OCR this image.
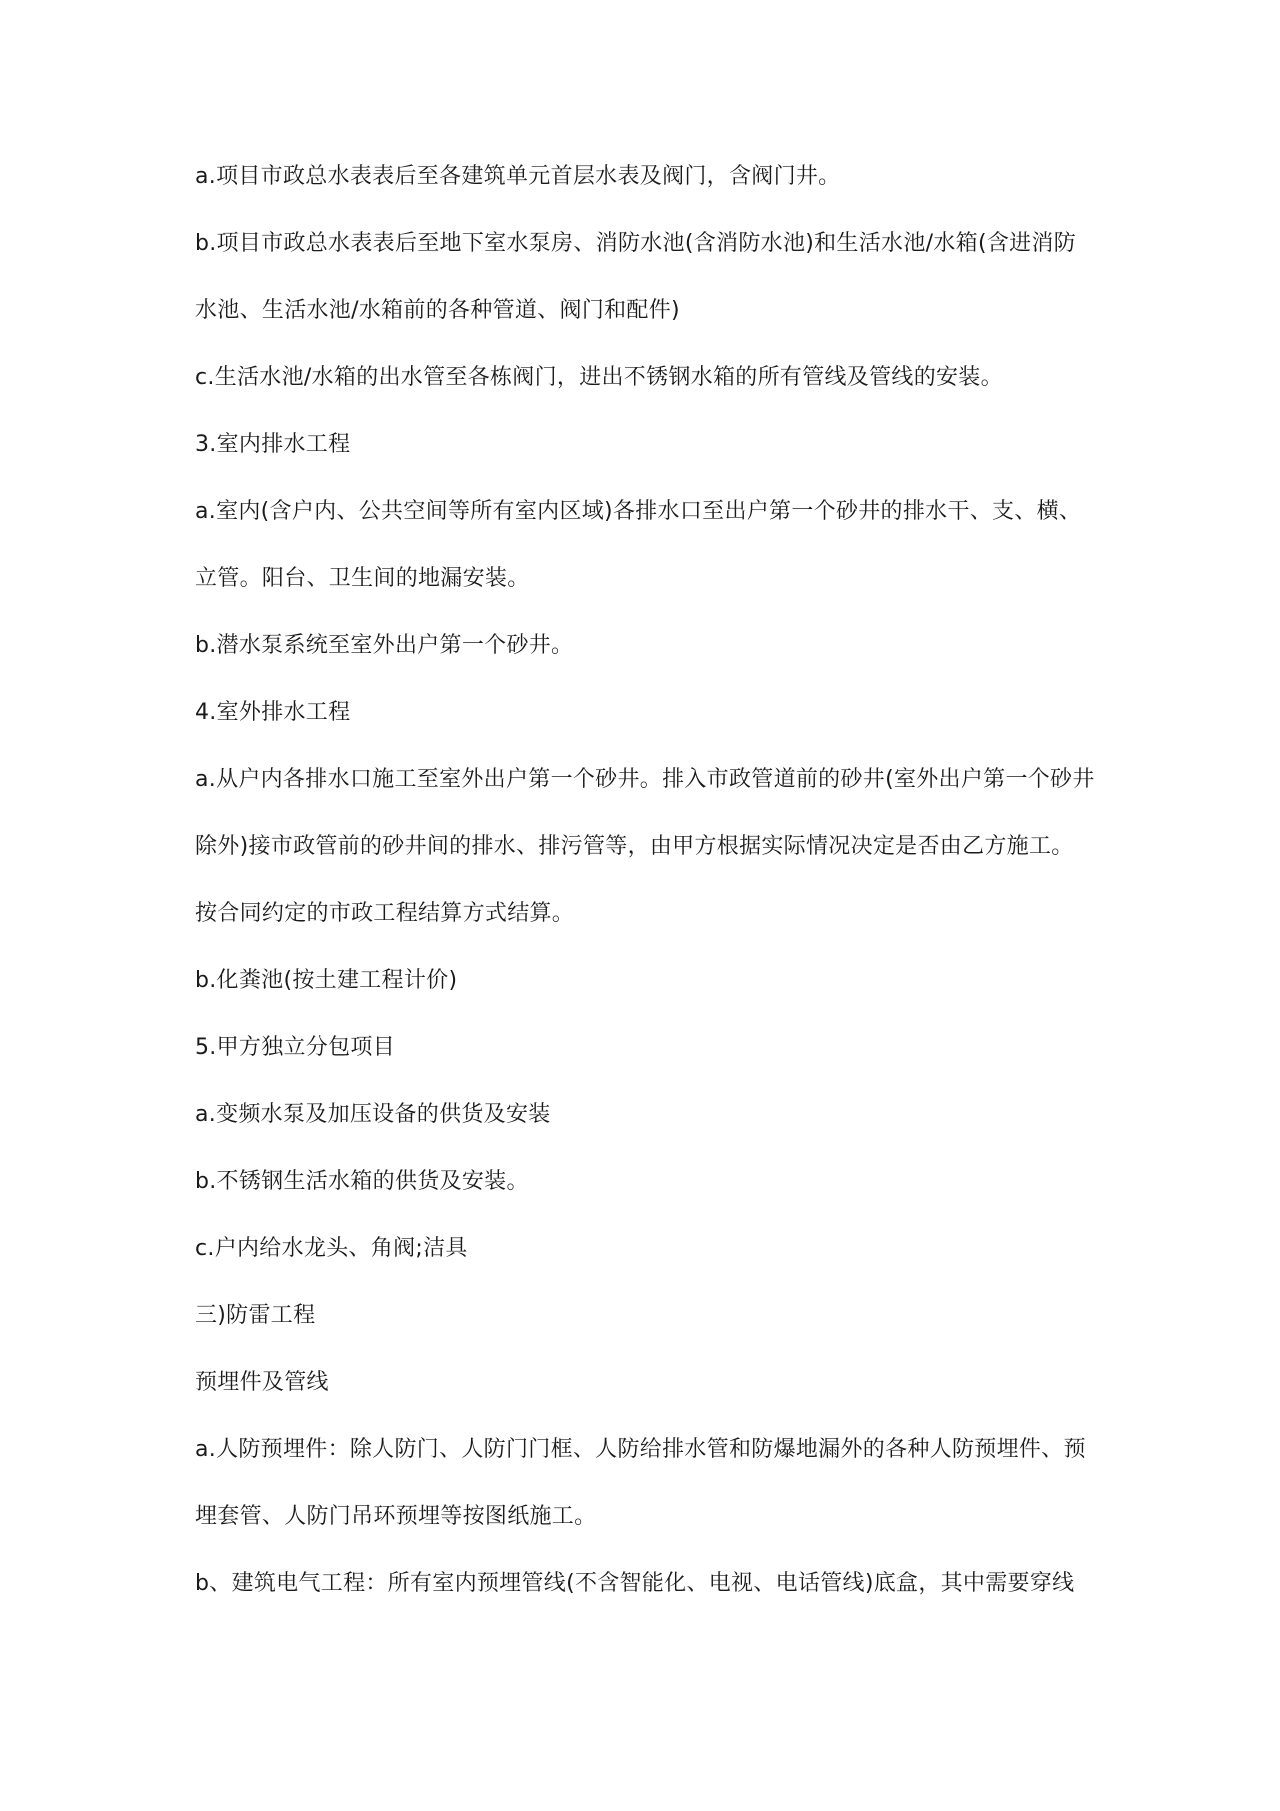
a.项目市政总水表表后至各建筑单元首层水表及阀门，含阀门井。

b.项目市政总水表表后至地下室水泵房、消防水池(含消防水池)和生活水池/水箱(含进消防

水池、生活水池/水箱前的各种管道、阀门和配件)

c.生活水池/水箱的出水管至各栋阀门，进出不锈钢水箱的所有管线及管线的安装。

3.室内排水工程

a.室内(含户内、公共空间等所有室内区域)各排水口至出户第一个砂井的排水干、支、横、

立管。阳台、卫生间的地漏安装。

b.潜水泵系统至室外出户第一个砂井。

4.室外排水工程

a.从户内各排水口施工至室外出户第一个砂井。排入市政管道前的砂井(室外出户第一个砂井

除外)接市政管前的砂井间的排水、排污管等，由甲方根据实际情况决定是否由乙方施工。

按合同约定的市政工程结算方式结算。

b.化粪池(按土建工程计价)

5.甲方独立分包项目

a.变频水泵及加压设备的供货及安装

b.不锈钢生活水箱的供货及安装。

c.户内给水龙头、角阀;洁具

三)防雷工程

预埋件及管线

a.人防预埋件：除人防门、人防门门框、人防给排水管和防爆地漏外的各种人防预埋件、预

埋套管、人防门吊环预埋等按图纸施工。

b、建筑电气工程：所有室内预埋管线(不含智能化、电视、电话管线)底盒，其中需要穿线
